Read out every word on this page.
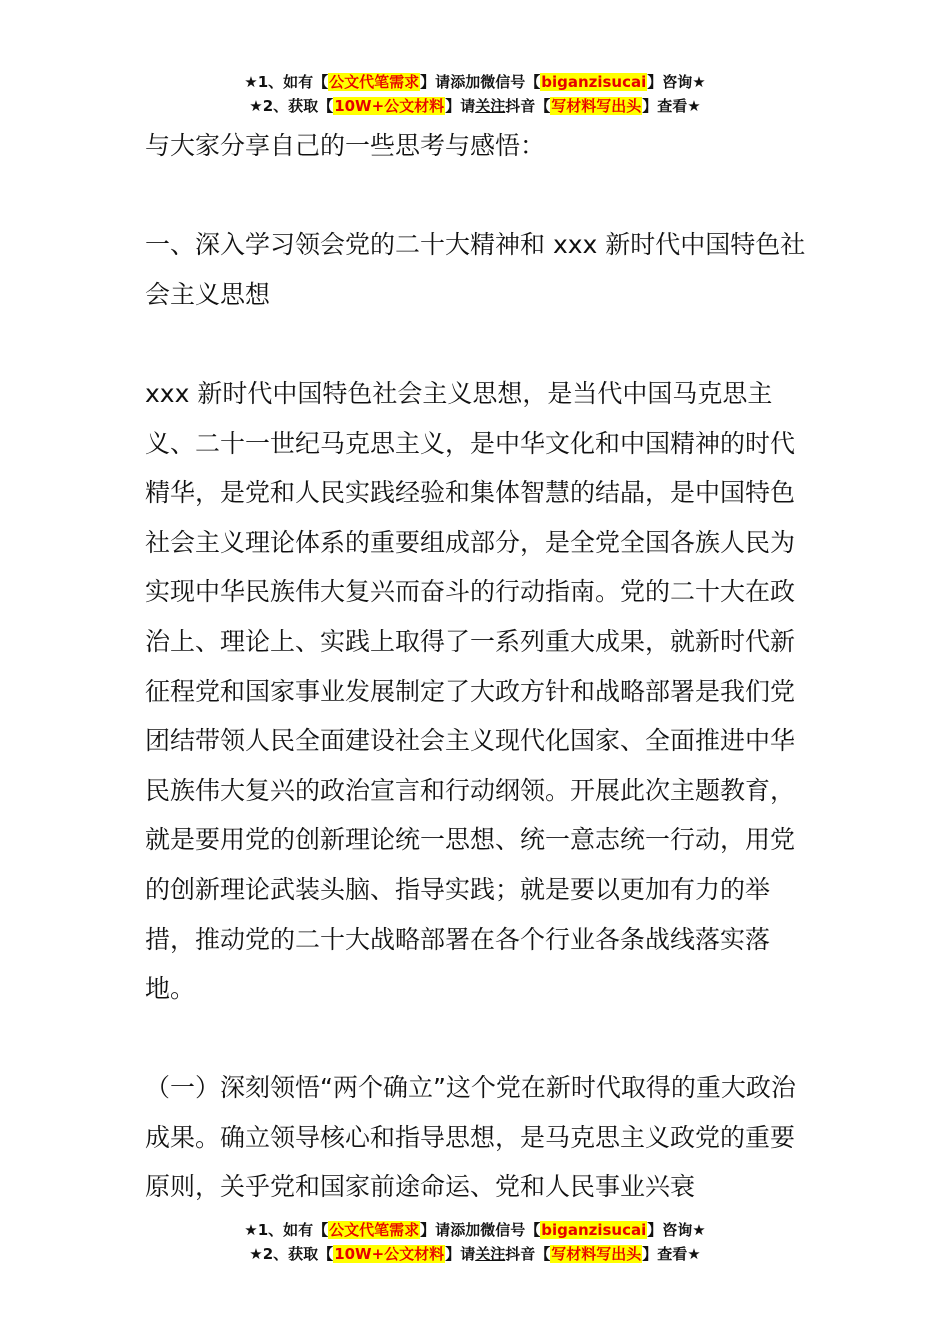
★1、如有【公文代笔需求】请添加微信号【biganzisucai】咨询★
★2、获取【10W+公文材料】请关注抖音【写材料写出头】查看★

与大家分享自己的一些思考与感悟：

一、深入学习领会党的二十大精神和 xxx 新时代中国特色社会主义思想

xxx 新时代中国特色社会主义思想，是当代中国马克思主义、二十一世纪马克思主义，是中华文化和中国精神的时代精华，是党和人民实践经验和集体智慧的结晶，是中国特色社会主义理论体系的重要组成部分，是全党全国各族人民为实现中华民族伟大复兴而奋斗的行动指南。党的二十大在政治上、理论上、实践上取得了一系列重大成果，就新时代新征程党和国家事业发展制定了大政方针和战略部署是我们党团结带领人民全面建设社会主义现代化国家、全面推进中华民族伟大复兴的政治宣言和行动纲领。开展此次主题教育，就是要用党的创新理论统一思想、统一意志统一行动，用党的创新理论武装头脑、指导实践；就是要以更加有力的举措，推动党的二十大战略部署在各个行业各条战线落实落地。

（一）深刻领悟“两个确立”这个党在新时代取得的重大政治成果。确立领导核心和指导思想，是马克思主义政党的重要原则，关乎党和国家前途命运、党和人民事业兴衰

★1、如有【公文代笔需求】请添加微信号【biganzisucai】咨询★
★2、获取【10W+公文材料】请关注抖音【写材料写出头】查看★
